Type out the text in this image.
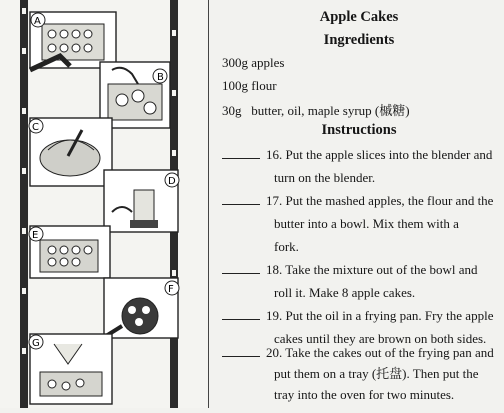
B
C
D
E
F
G
A	Apple Cakes
Ingredients
300g apples
100g flour
30g   butter, oil, maple syrup (槭糖)
Instructions
16. Put the apple slices into the blender and
turn on the blender.
17. Put the mashed apples, the flour and the
butter into a bowl. Mix them with a
fork.
18. Take the mixture out of the bowl and
roll it. Make 8 apple cakes.
19. Put the oil in a frying pan. Fry the apple
cakes until they are brown on both sides.
20. Take the cakes out of the frying pan and
put them on a tray (托盘). Then put the
tray into the oven for two minutes.
